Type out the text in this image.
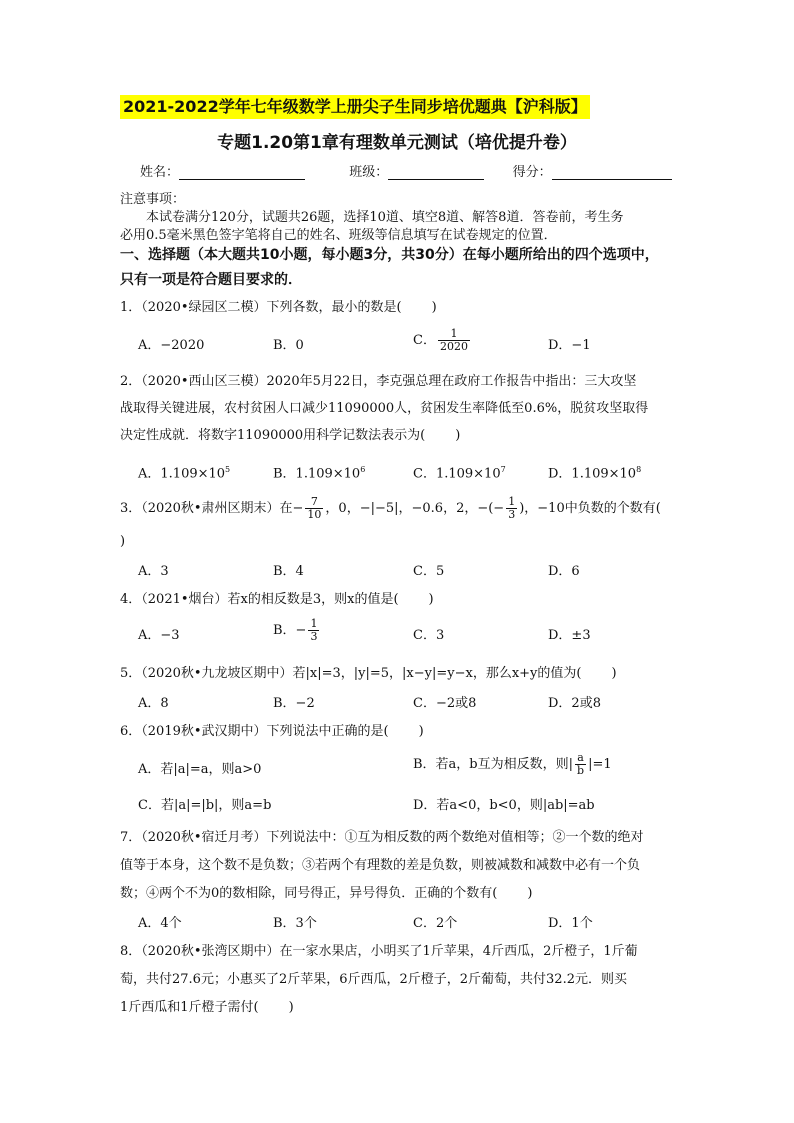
2021-2022学年七年级数学上册尖子生同步培优题典【沪科版】
专题1.20第1章有理数单元测试（培优提升卷）
姓名：	班级：	得分：
注意事项：
本试卷满分120分，试题共26题，选择10道、填空8道、解答8道．答卷前，考生务
必用0.5毫米黑色签字笔将自己的姓名、班级等信息填写在试卷规定的位置．
一、选择题（本大题共10小题，每小题3分，共30分）在每小题所给出的四个选项中，
只有一项是符合题目要求的．
1．（2020•绿园区二模）下列各数，最小的数是( )
A．−2020	B．0	C． $\frac{1}{2020}$	D．−1
2．（2020•西山区三模）2020年5月22日，李克强总理在政府工作报告中指出：三大攻坚
战取得关键进展，农村贫困人口减少11090000人，贫困发生率降低至0.6%，脱贫攻坚取得
决定性成就．将数字11090000用科学记数法表示为( )
A．$1.109\times 10^5$	B．$1.109\times 10^6$	C．$1.109\times 10^7$	D．$1.109\times 10^8$
3．（2020秋•肃州区期末）在− $\frac{7}{10}$ ，0，−|−5|，−0.6，2，−(− $\frac{1}{3}$ )，−10中负数的个数有(
)
A．3	B．4	C．5	D．6
4．（2021•烟台）若x的相反数是3，则x的值是( )
A．−3	B．− $\frac{1}{3}$	C．3	D．±3
5．（2020秋•九龙坡区期中）若|x|=3，|y|=5，|x−y|=y−x，那么x+y的值为( )
A．8	B．−2	C．−2或8	D．2或8
6．（2019秋•武汉期中）下列说法中正确的是( )
A．若|a|=a，则a>0	B．若a，b互为相反数，则| $\frac{a}{b} |=1$
C．若|a|=|b|，则a=b	D．若a<0，b<0，则|ab|=ab
7．（2020秋•宿迁月考）下列说法中：①互为相反数的两个数绝对值相等；②一个数的绝对
值等于本身，这个数不是负数；③若两个有理数的差是负数，则被减数和减数中必有一个负
数；④两个不为0的数相除，同号得正，异号得负．正确的个数有( )
A．4个	B．3个	C．2个	D．1个
8．（2020秋•张湾区期中）在一家水果店，小明买了1斤苹果，4斤西瓜，2斤橙子，1斤葡
萄，共付27.6元；小惠买了2斤苹果，6斤西瓜，2斤橙子，2斤葡萄，共付32.2元．则买
1斤西瓜和1斤橙子需付( )
